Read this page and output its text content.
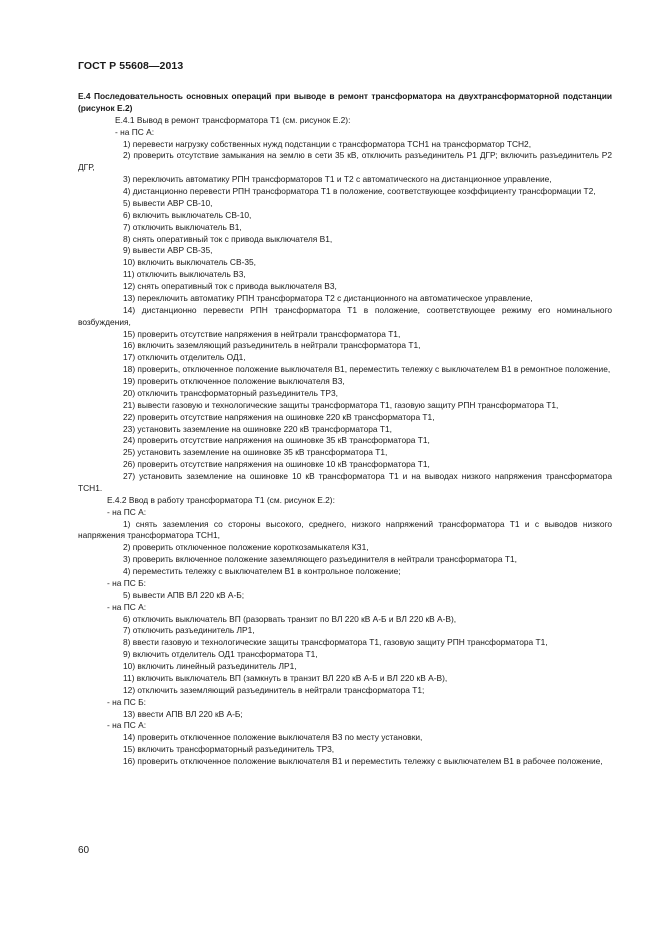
ГОСТ Р 55608—2013

Е.4 Последовательность основных операций при выводе в ремонт трансформатора на двухтрансформаторной подстанции (рисунок Е.2)

Е.4.1 Вывод в ремонт трансформатора Т1 (см. рисунок Е.2):

- на ПС А:

1) перевести нагрузку собственных нужд подстанции с трансформатора ТСН1 на трансформатор ТСН2,

2) проверить отсутствие замыкания на землю в сети 35 кВ, отключить разъединитель Р1 ДГР; включить разъединитель Р2 ДГР,

3) переключить автоматику РПН трансформаторов Т1 и Т2 с автоматического на дистанционное управление,

4) дистанционно перевести РПН трансформатора Т1 в положение, соответствующее коэффициенту трансформации Т2,

5) вывести АВР СВ-10,

6) включить выключатель СВ-10,

7) отключить выключатель В1,

8) снять оперативный ток с привода выключателя В1,

9) вывести АВР СВ-35,

10) включить выключатель СВ-35,

11) отключить выключатель В3,

12) снять оперативный ток с привода выключателя В3,

13) переключить автоматику РПН трансформатора Т2 с дистанционного на автоматическое управление,

14) дистанционно перевести РПН трансформатора Т1 в положение, соответствующее режиму его номинального возбуждения,

15) проверить отсутствие напряжения в нейтрали трансформатора Т1,

16) включить заземляющий разъединитель в нейтрали трансформатора Т1,

17) отключить отделитель ОД1,

18) проверить, отключенное положение выключателя В1, переместить тележку с выключателем В1 в ремонтное положение,

19) проверить отключенное положение выключателя В3,

20) отключить трансформаторный разъединитель ТР3,

21) вывести газовую и технологические защиты трансформатора Т1, газовую защиту РПН трансформатора Т1,

22) проверить отсутствие напряжения на ошиновке 220 кВ трансформатора Т1,

23) установить заземление на ошиновке 220 кВ трансформатора Т1,

24) проверить отсутствие напряжения на ошиновке 35 кВ трансформатора Т1,

25) установить заземление на ошиновке 35 кВ трансформатора Т1,

26) проверить отсутствие напряжения на ошиновке 10 кВ трансформатора Т1,

27) установить заземление на ошиновке 10 кВ трансформатора Т1 и на выводах низкого напряжения трансформатора ТСН1.

Е.4.2 Ввод в работу трансформатора Т1 (см. рисунок Е.2):

- на ПС А:

1) снять заземления со стороны высокого, среднего, низкого напряжений трансформатора Т1 и с выводов низкого напряжения трансформатора ТСН1,

2) проверить отключенное положение короткозамыкателя КЗ1,

3) проверить включенное положение заземляющего разъединителя в нейтрали трансформатора Т1,

4) переместить тележку с выключателем В1 в контрольное положение;

- на ПС Б:

5) вывести АПВ ВЛ 220 кВ А-Б;

- на ПС А:

6) отключить выключатель ВП (разорвать транзит по ВЛ 220 кВ А-Б и ВЛ 220 кВ А-В),

7) отключить разъединитель ЛР1,

8) ввести газовую и технологические защиты трансформатора Т1, газовую защиту РПН трансформатора Т1,

9) включить отделитель ОД1 трансформатора Т1,

10) включить линейный разъединитель ЛР1,

11) включить выключатель ВП (замкнуть в транзит ВЛ 220 кВ А-Б и ВЛ 220 кВ А-В),

12) отключить заземляющий разъединитель в нейтрали трансформатора Т1;

- на ПС Б:

13) ввести АПВ ВЛ 220 кВ А-Б;

- на ПС А:

14) проверить отключенное положение выключателя В3 по месту установки,

15) включить трансформаторный разъединитель ТР3,

16) проверить отключенное положение выключателя В1 и переместить тележку с выключателем В1 в рабочее положение,

60
